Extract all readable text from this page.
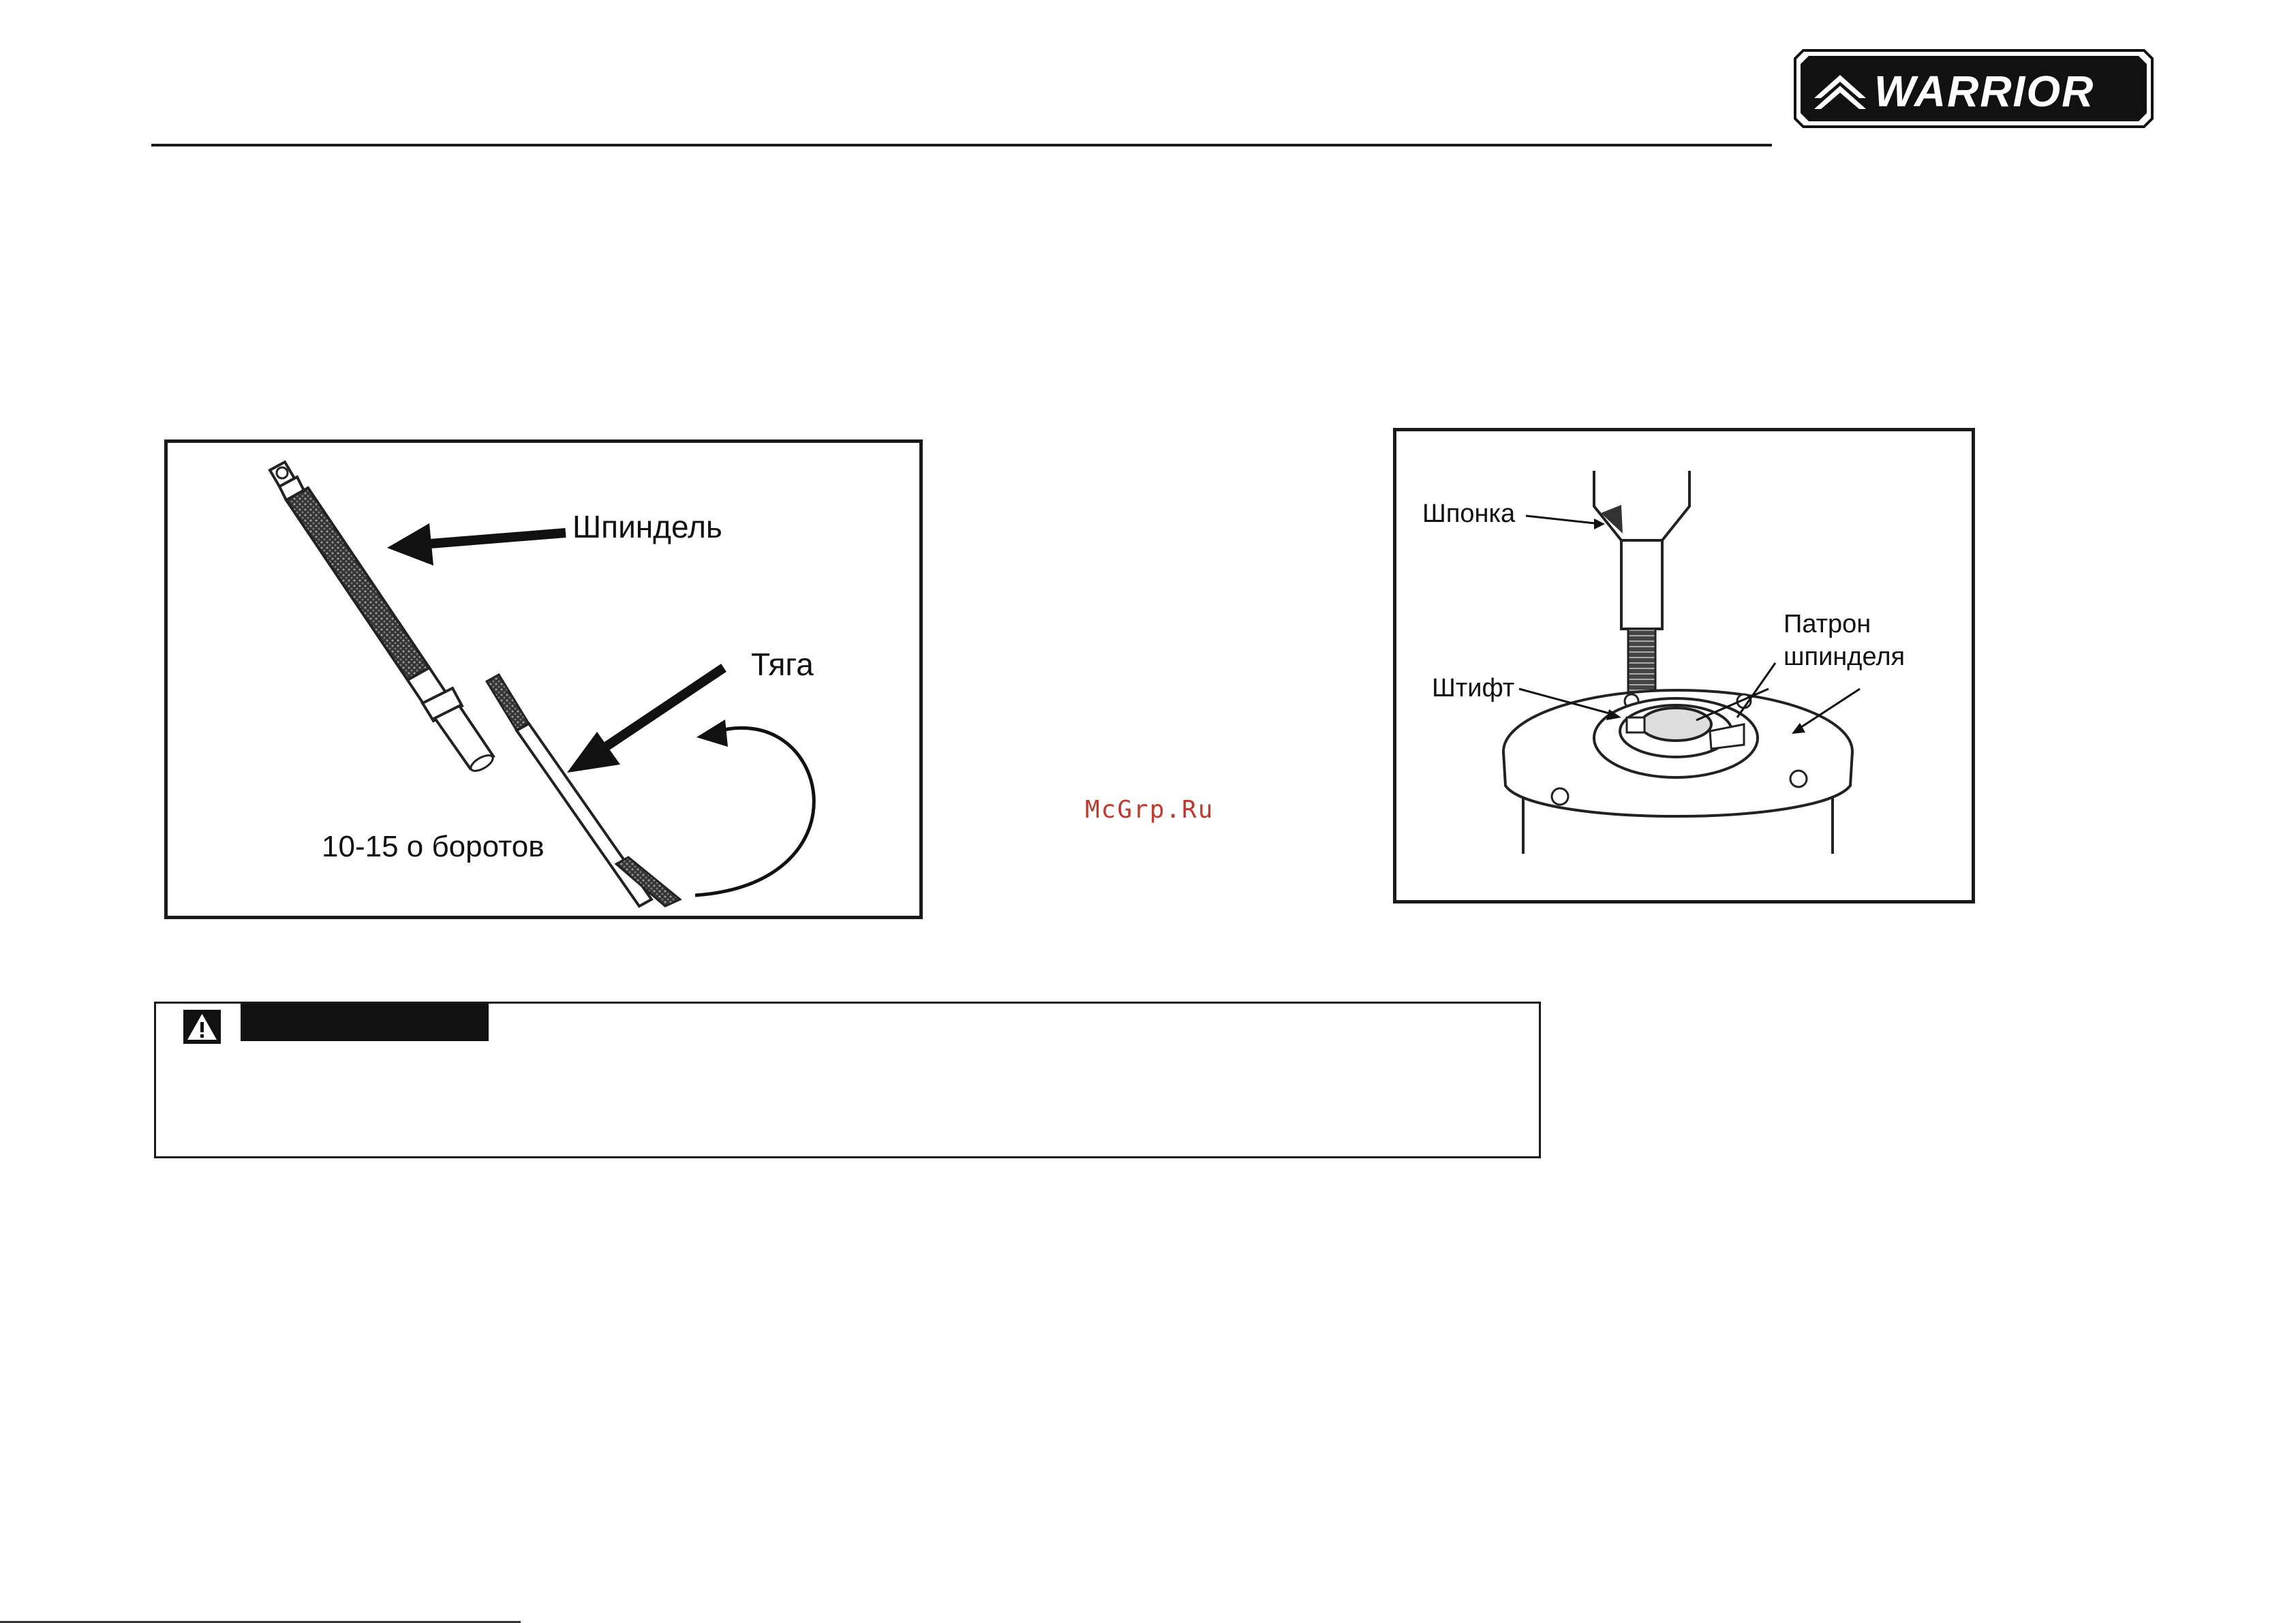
WARRIOR
Шпиндель
Тяга
10-15 о боротов
McGrp.Ru
Шпонка
Штифт
Патрон
шпинделя
